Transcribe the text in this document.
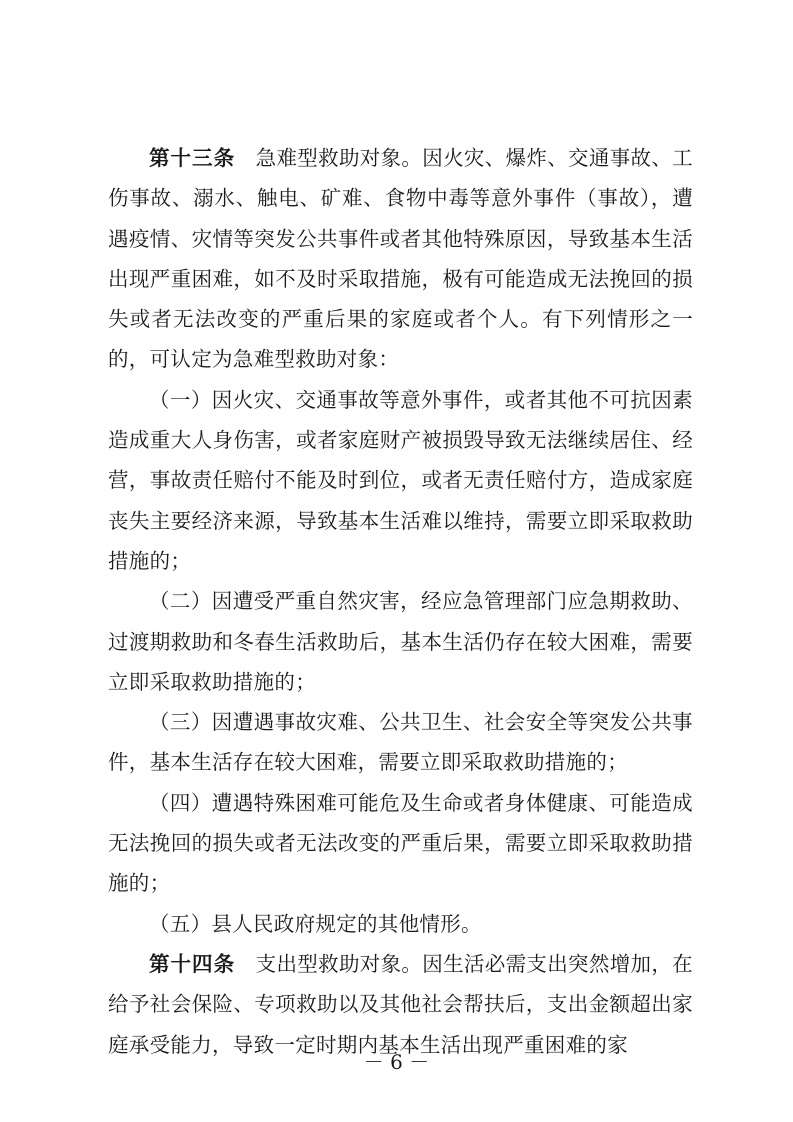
第十三条 急难型救助对象。因火灾、爆炸、交通事故、工伤事故、溺水、触电、矿难、食物中毒等意外事件（事故），遭遇疫情、灾情等突发公共事件或者其他特殊原因，导致基本生活出现严重困难，如不及时采取措施，极有可能造成无法挽回的损失或者无法改变的严重后果的家庭或者个人。有下列情形之一的，可认定为急难型救助对象：

（一）因火灾、交通事故等意外事件，或者其他不可抗因素造成重大人身伤害，或者家庭财产被损毁导致无法继续居住、经营，事故责任赔付不能及时到位，或者无责任赔付方，造成家庭丧失主要经济来源，导致基本生活难以维持，需要立即采取救助措施的；

（二）因遭受严重自然灾害，经应急管理部门应急期救助、过渡期救助和冬春生活救助后，基本生活仍存在较大困难，需要立即采取救助措施的；

（三）因遭遇事故灾难、公共卫生、社会安全等突发公共事件，基本生活存在较大困难，需要立即采取救助措施的；

（四）遭遇特殊困难可能危及生命或者身体健康、可能造成无法挽回的损失或者无法改变的严重后果，需要立即采取救助措施的；

（五）县人民政府规定的其他情形。

第十四条 支出型救助对象。因生活必需支出突然增加，在给予社会保险、专项救助以及其他社会帮扶后，支出金额超出家庭承受能力，导致一定时期内基本生活出现严重困难的家

－ 6 －
